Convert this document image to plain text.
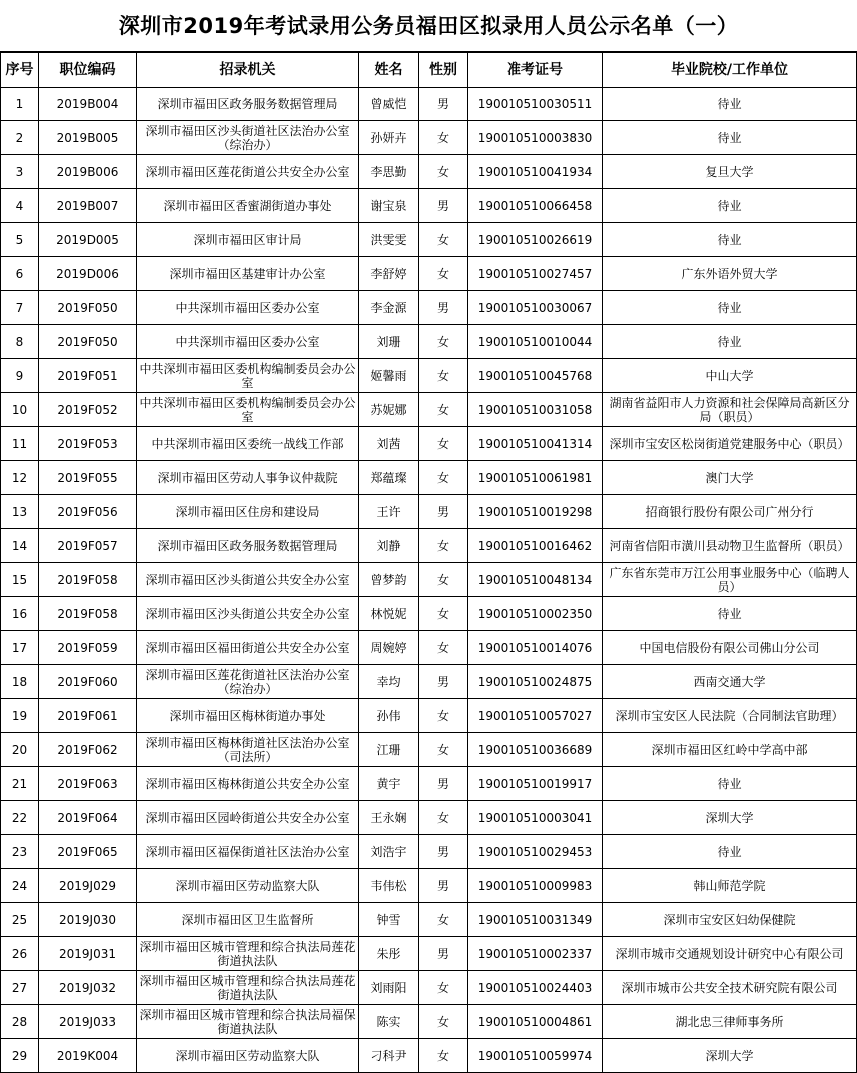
深圳市2019年考试录用公务员福田区拟录用人员公示名单（一）
序号	职位编码	招录机关	姓名	性别	准考证号	毕业院校/工作单位
1	2019B004	深圳市福田区政务服务数据管理局	曾威恺	男	190010510030511	待业
2	2019B005	深圳市福田区沙头街道社区法治办公室（综治办）	孙妍卉	女	190010510003830	待业
3	2019B006	深圳市福田区莲花街道公共安全办公室	李思勤	女	190010510041934	复旦大学
4	2019B007	深圳市福田区香蜜湖街道办事处	谢宝泉	男	190010510066458	待业
5	2019D005	深圳市福田区审计局	洪雯雯	女	190010510026619	待业
6	2019D006	深圳市福田区基建审计办公室	李舒婷	女	190010510027457	广东外语外贸大学
7	2019F050	中共深圳市福田区委办公室	李金源	男	190010510030067	待业
8	2019F050	中共深圳市福田区委办公室	刘珊	女	190010510010044	待业
9	2019F051	中共深圳市福田区委机构编制委员会办公室	姬馨雨	女	190010510045768	中山大学
10	2019F052	中共深圳市福田区委机构编制委员会办公室	苏妮娜	女	190010510031058	湖南省益阳市人力资源和社会保障局高新区分局（职员）
11	2019F053	中共深圳市福田区委统一战线工作部	刘茜	女	190010510041314	深圳市宝安区松岗街道党建服务中心（职员）
12	2019F055	深圳市福田区劳动人事争议仲裁院	郑蕴璨	女	190010510061981	澳门大学
13	2019F056	深圳市福田区住房和建设局	王许	男	190010510019298	招商银行股份有限公司广州分行
14	2019F057	深圳市福田区政务服务数据管理局	刘静	女	190010510016462	河南省信阳市潢川县动物卫生监督所（职员）
15	2019F058	深圳市福田区沙头街道公共安全办公室	曾梦韵	女	190010510048134	广东省东莞市万江公用事业服务中心（临聘人员）
16	2019F058	深圳市福田区沙头街道公共安全办公室	林悦妮	女	190010510002350	待业
17	2019F059	深圳市福田区福田街道公共安全办公室	周婉婷	女	190010510014076	中国电信股份有限公司佛山分公司
18	2019F060	深圳市福田区莲花街道社区法治办公室（综治办）	幸均	男	190010510024875	西南交通大学
19	2019F061	深圳市福田区梅林街道办事处	孙伟	女	190010510057027	深圳市宝安区人民法院（合同制法官助理）
20	2019F062	深圳市福田区梅林街道社区法治办公室（司法所）	江珊	女	190010510036689	深圳市福田区红岭中学高中部
21	2019F063	深圳市福田区梅林街道公共安全办公室	黄宇	男	190010510019917	待业
22	2019F064	深圳市福田区园岭街道公共安全办公室	王永娴	女	190010510003041	深圳大学
23	2019F065	深圳市福田区福保街道社区法治办公室	刘浩宇	男	190010510029453	待业
24	2019J029	深圳市福田区劳动监察大队	韦伟松	男	190010510009983	韩山师范学院
25	2019J030	深圳市福田区卫生监督所	钟雪	女	190010510031349	深圳市宝安区妇幼保健院
26	2019J031	深圳市福田区城市管理和综合执法局莲花街道执法队	朱彤	男	190010510002337	深圳市城市交通规划设计研究中心有限公司
27	2019J032	深圳市福田区城市管理和综合执法局莲花街道执法队	刘雨阳	女	190010510024403	深圳市城市公共安全技术研究院有限公司
28	2019J033	深圳市福田区城市管理和综合执法局福保街道执法队	陈实	女	190010510004861	湖北忠三律师事务所
29	2019K004	深圳市福田区劳动监察大队	刁科尹	女	190010510059974	深圳大学
